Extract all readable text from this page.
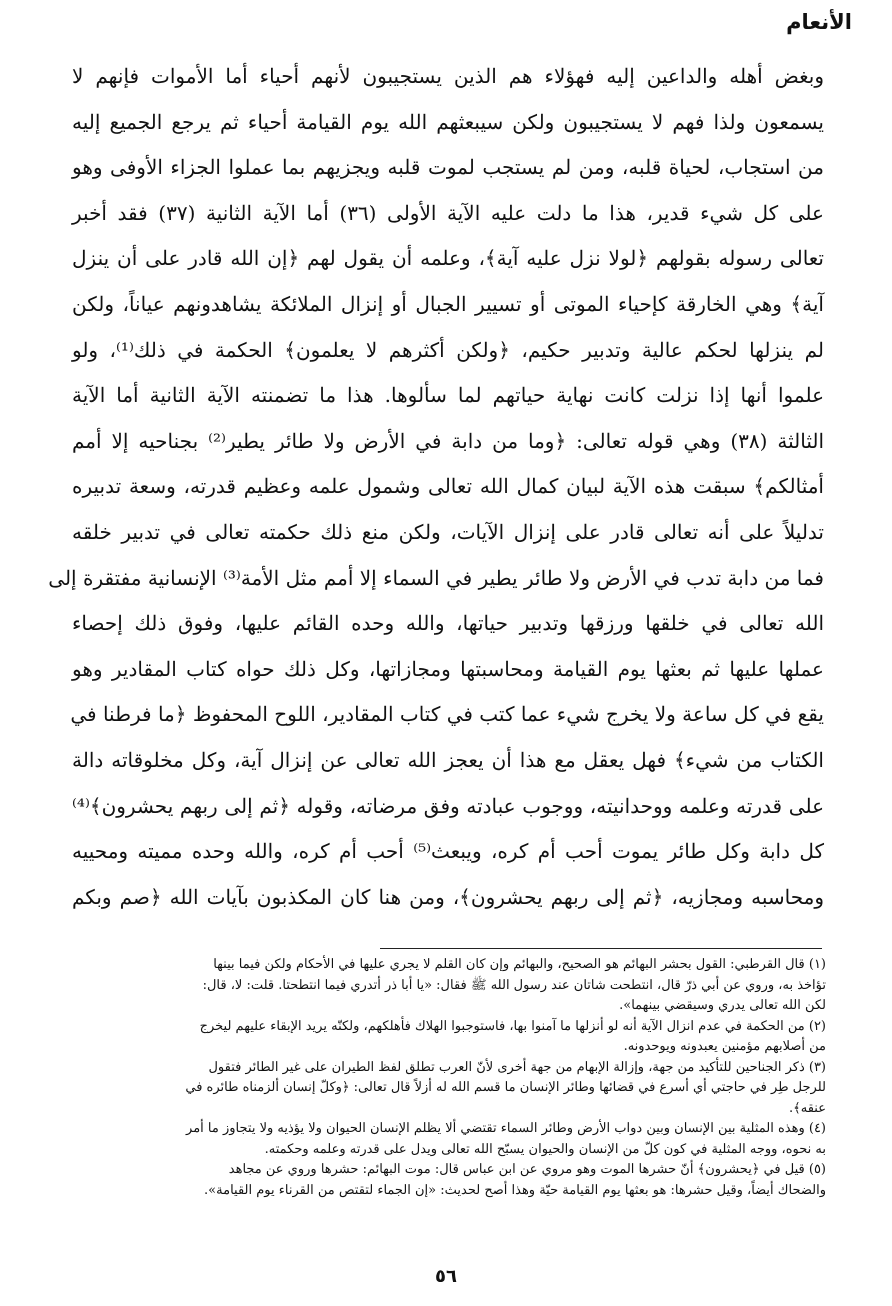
الأنعام
وبغض أهله والداعين إليه فهؤلاء هم الذين يستجيبون لأنهم أحياء أما الأموات فإنهم لا
يسمعون ولذا فهم لا يستجيبون ولكن سيبعثهم الله يوم القيامة أحياء ثم يرجع الجميع إليه
من استجاب، لحياة قلبه، ومن لم يستجب لموت قلبه ويجزيهم بما عملوا الجزاء الأوفى وهو
على كل شيء قدير، هذا ما دلت عليه الآية الأولى (٣٦) أما الآية الثانية (٣٧) فقد أخبر
تعالى رسوله بقولهم ﴿لولا نزل عليه آية﴾، وعلمه أن يقول لهم ﴿إن الله قادر على أن ينزل
آية﴾ وهي الخارقة كإحياء الموتى أو تسيير الجبال أو إنزال الملائكة يشاهدونهم عياناً، ولكن
لم ينزلها لحكم عالية وتدبير حكيم، ﴿ولكن أكثرهم لا يعلمون﴾ الحكمة في ذلك⁽¹⁾، ولو
علموا أنها إذا نزلت كانت نهاية حياتهم لما سألوها. هذا ما تضمنته الآية الثانية أما الآية
الثالثة (٣٨) وهي قوله تعالى: ﴿وما من دابة في الأرض ولا طائر يطير⁽²⁾ بجناحيه إلا أمم
أمثالكم﴾ سبقت هذه الآية لبيان كمال الله تعالى وشمول علمه وعظيم قدرته، وسعة تدبيره
تدليلاً على أنه تعالى قادر على إنزال الآيات، ولكن منع ذلك حكمته تعالى في تدبير خلقه
فما من دابة تدب في الأرض ولا طائر يطير في السماء إلا أمم مثل الأمة⁽³⁾ الإنسانية مفتقرة إلى
الله تعالى في خلقها ورزقها وتدبير حياتها، والله وحده القائم عليها، وفوق ذلك إحصاء
عملها عليها ثم بعثها يوم القيامة ومحاسبتها ومجازاتها، وكل ذلك حواه كتاب المقادير وهو
يقع في كل ساعة ولا يخرج شيء عما كتب في كتاب المقادير، اللوح المحفوظ ﴿ما فرطنا في
الكتاب من شيء﴾ فهل يعقل مع هذا أن يعجز الله تعالى عن إنزال آية، وكل مخلوقاته دالة
على قدرته وعلمه ووحدانيته، ووجوب عبادته وفق مرضاته، وقوله ﴿ثم إلى ربهم يحشرون﴾⁽⁴⁾
كل دابة وكل طائر يموت أحب أم كره، ويبعث⁽⁵⁾ أحب أم كره، والله وحده مميته ومحييه
ومحاسبه ومجازيه، ﴿ثم إلى ربهم يحشرون﴾، ومن هنا كان المكذبون بآيات الله ﴿صم وبكم
(١) قال القرطبي: القول بحشر البهائم هو الصحيح، والبهائم وإن كان القلم لا يجري عليها في الأحكام ولكن فيما بينها
تؤاخذ به، وروي عن أبي ذرّ قال، انتطحت شاتان عند رسول الله ﷺ فقال: «يا أبا ذر أتدري فيما انتطحتا. قلت: لا، قال:
لكن الله تعالى يدري وسيقضي بينهما».
(٢) من الحكمة في عدم انزال الآية أنه لو أنزلها ما آمنوا بها، فاستوجبوا الهلاك فأهلكهم، ولكنّه يريد الإبقاء عليهم ليخرج
من أصلابهم مؤمنين يعبدونه ويوحدونه.
(٣) ذكر الجناحين للتأكيد من جهة، وإزالة الإبهام من جهة أخرى لأنّ العرب تطلق لفظ الطيران على غير الطائر فتقول
للرجل طِر في حاجتي أي أسرع في قضائها وطائر الإنسان ما قسم الله له أزلاً قال تعالى: ﴿وكلّ إنسان ألزمناه طائره في
عنقه﴾.
(٤) وهذه المثلية بين الإنسان وبين دواب الأرض وطائر السماء تقتضي ألا يظلم الإنسان الحيوان ولا يؤذيه ولا يتجاوز ما أمر
به نحوه، ووجه المثلية في كون كلّ من الإنسان والحيوان يسبّح الله تعالى ويدل على قدرته وعلمه وحكمته.
(٥) قيل في ﴿يحشرون﴾ أنّ حشرها الموت وهو مروي عن ابن عباس قال: موت البهائم: حشرها وروي عن مجاهد
والضحاك أيضاً، وقيل حشرها: هو بعثها يوم القيامة حيّة وهذا أصح لحديث: «إن الجماء لتقتص من القرناء يوم القيامة».
٥٦
